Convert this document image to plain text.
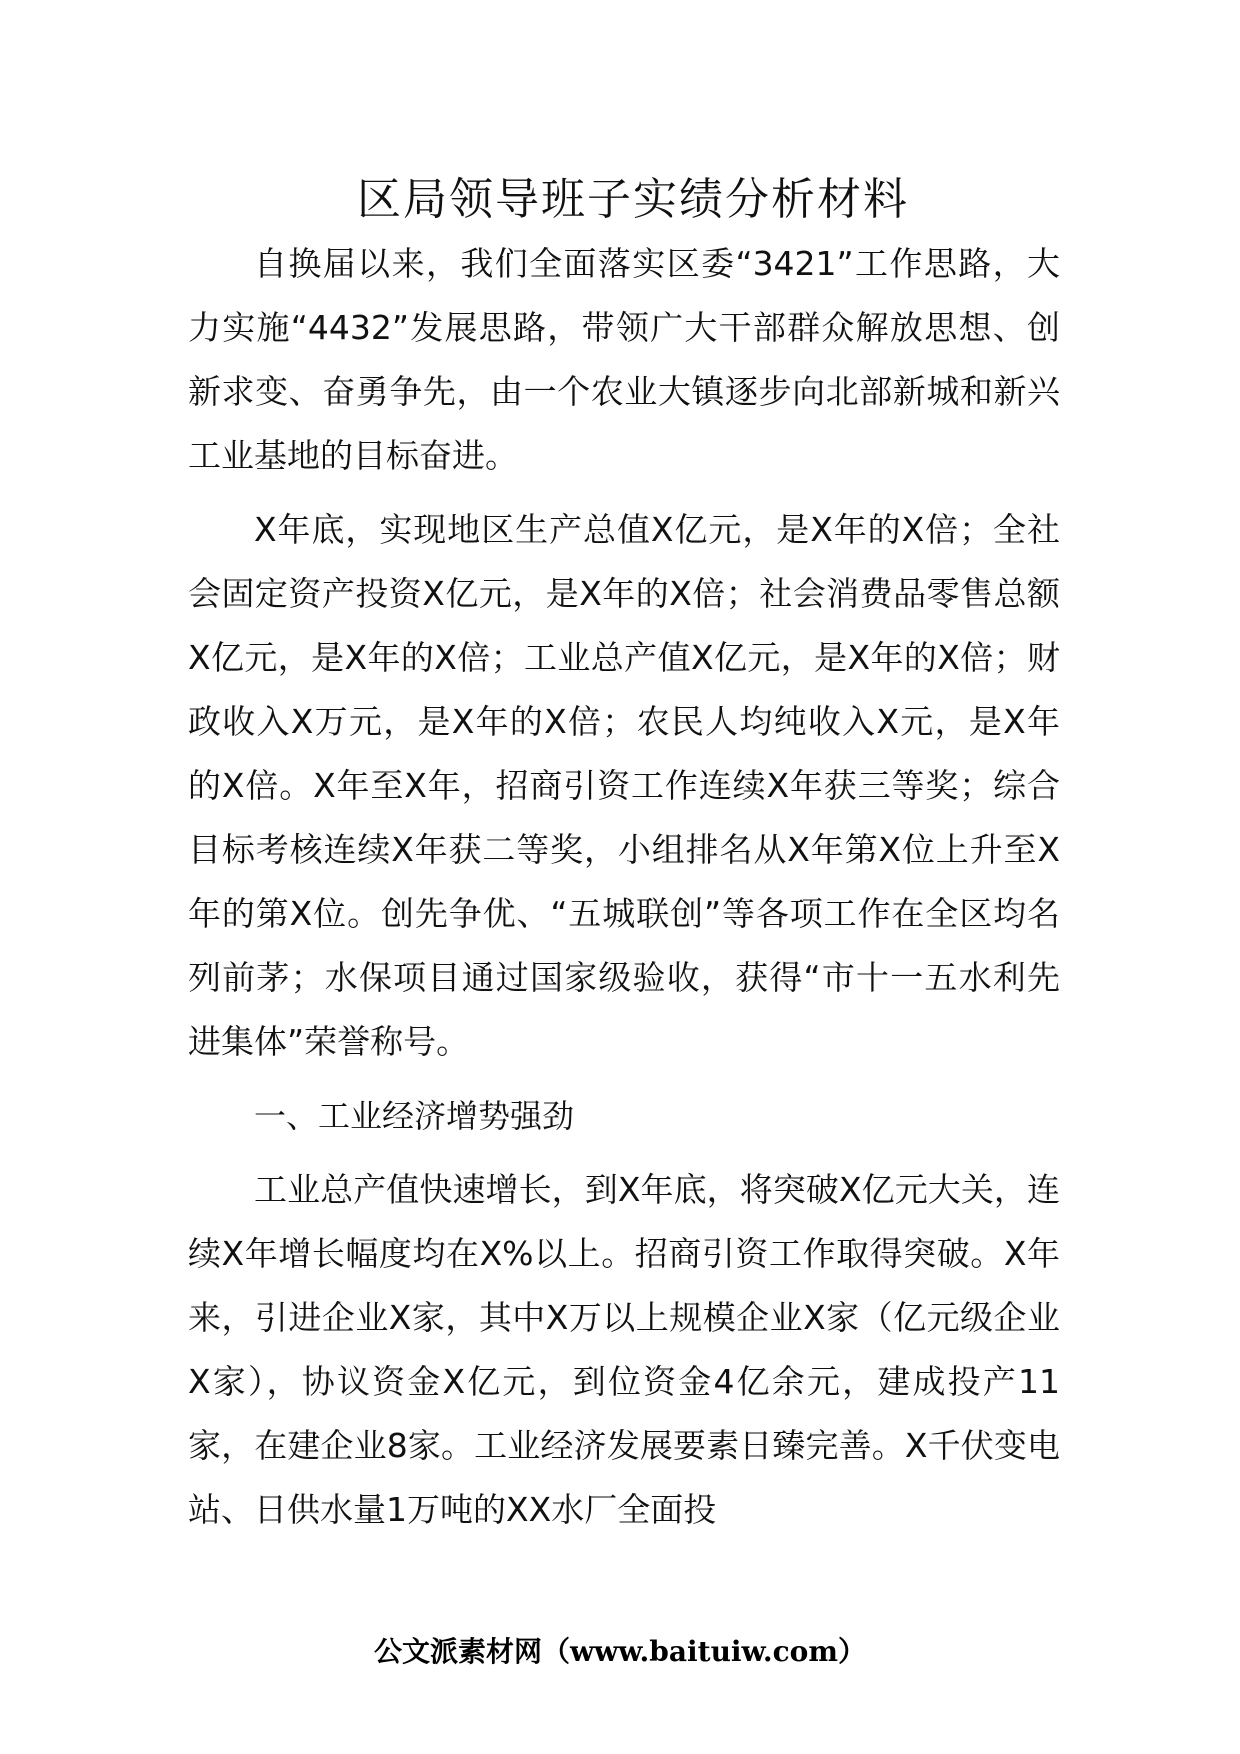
区局领导班子实绩分析材料

自换届以来，我们全面落实区委“3421”工作思路，大力实施“4432”发展思路，带领广大干部群众解放思想、创新求变、奋勇争先，由一个农业大镇逐步向北部新城和新兴工业基地的目标奋进。

X年底，实现地区生产总值X亿元，是X年的X倍；全社会固定资产投资X亿元，是X年的X倍；社会消费品零售总额X亿元，是X年的X倍；工业总产值X亿元，是X年的X倍；财政收入X万元，是X年的X倍；农民人均纯收入X元，是X年的X倍。X年至X年，招商引资工作连续X年获三等奖；综合目标考核连续X年获二等奖，小组排名从X年第X位上升至X年的第X位。创先争优、“五城联创”等各项工作在全区均名列前茅；水保项目通过国家级验收，获得“市十一五水利先进集体”荣誉称号。

一、工业经济增势强劲

工业总产值快速增长，到X年底，将突破X亿元大关，连续X年增长幅度均在X%以上。招商引资工作取得突破。X年来，引进企业X家，其中X万以上规模企业X家（亿元级企业X家），协议资金X亿元，到位资金4亿余元，建成投产11家，在建企业8家。工业经济发展要素日臻完善。X千伏变电站、日供水量1万吨的XX水厂全面投

公文派素材网（www.baituiw.com）
